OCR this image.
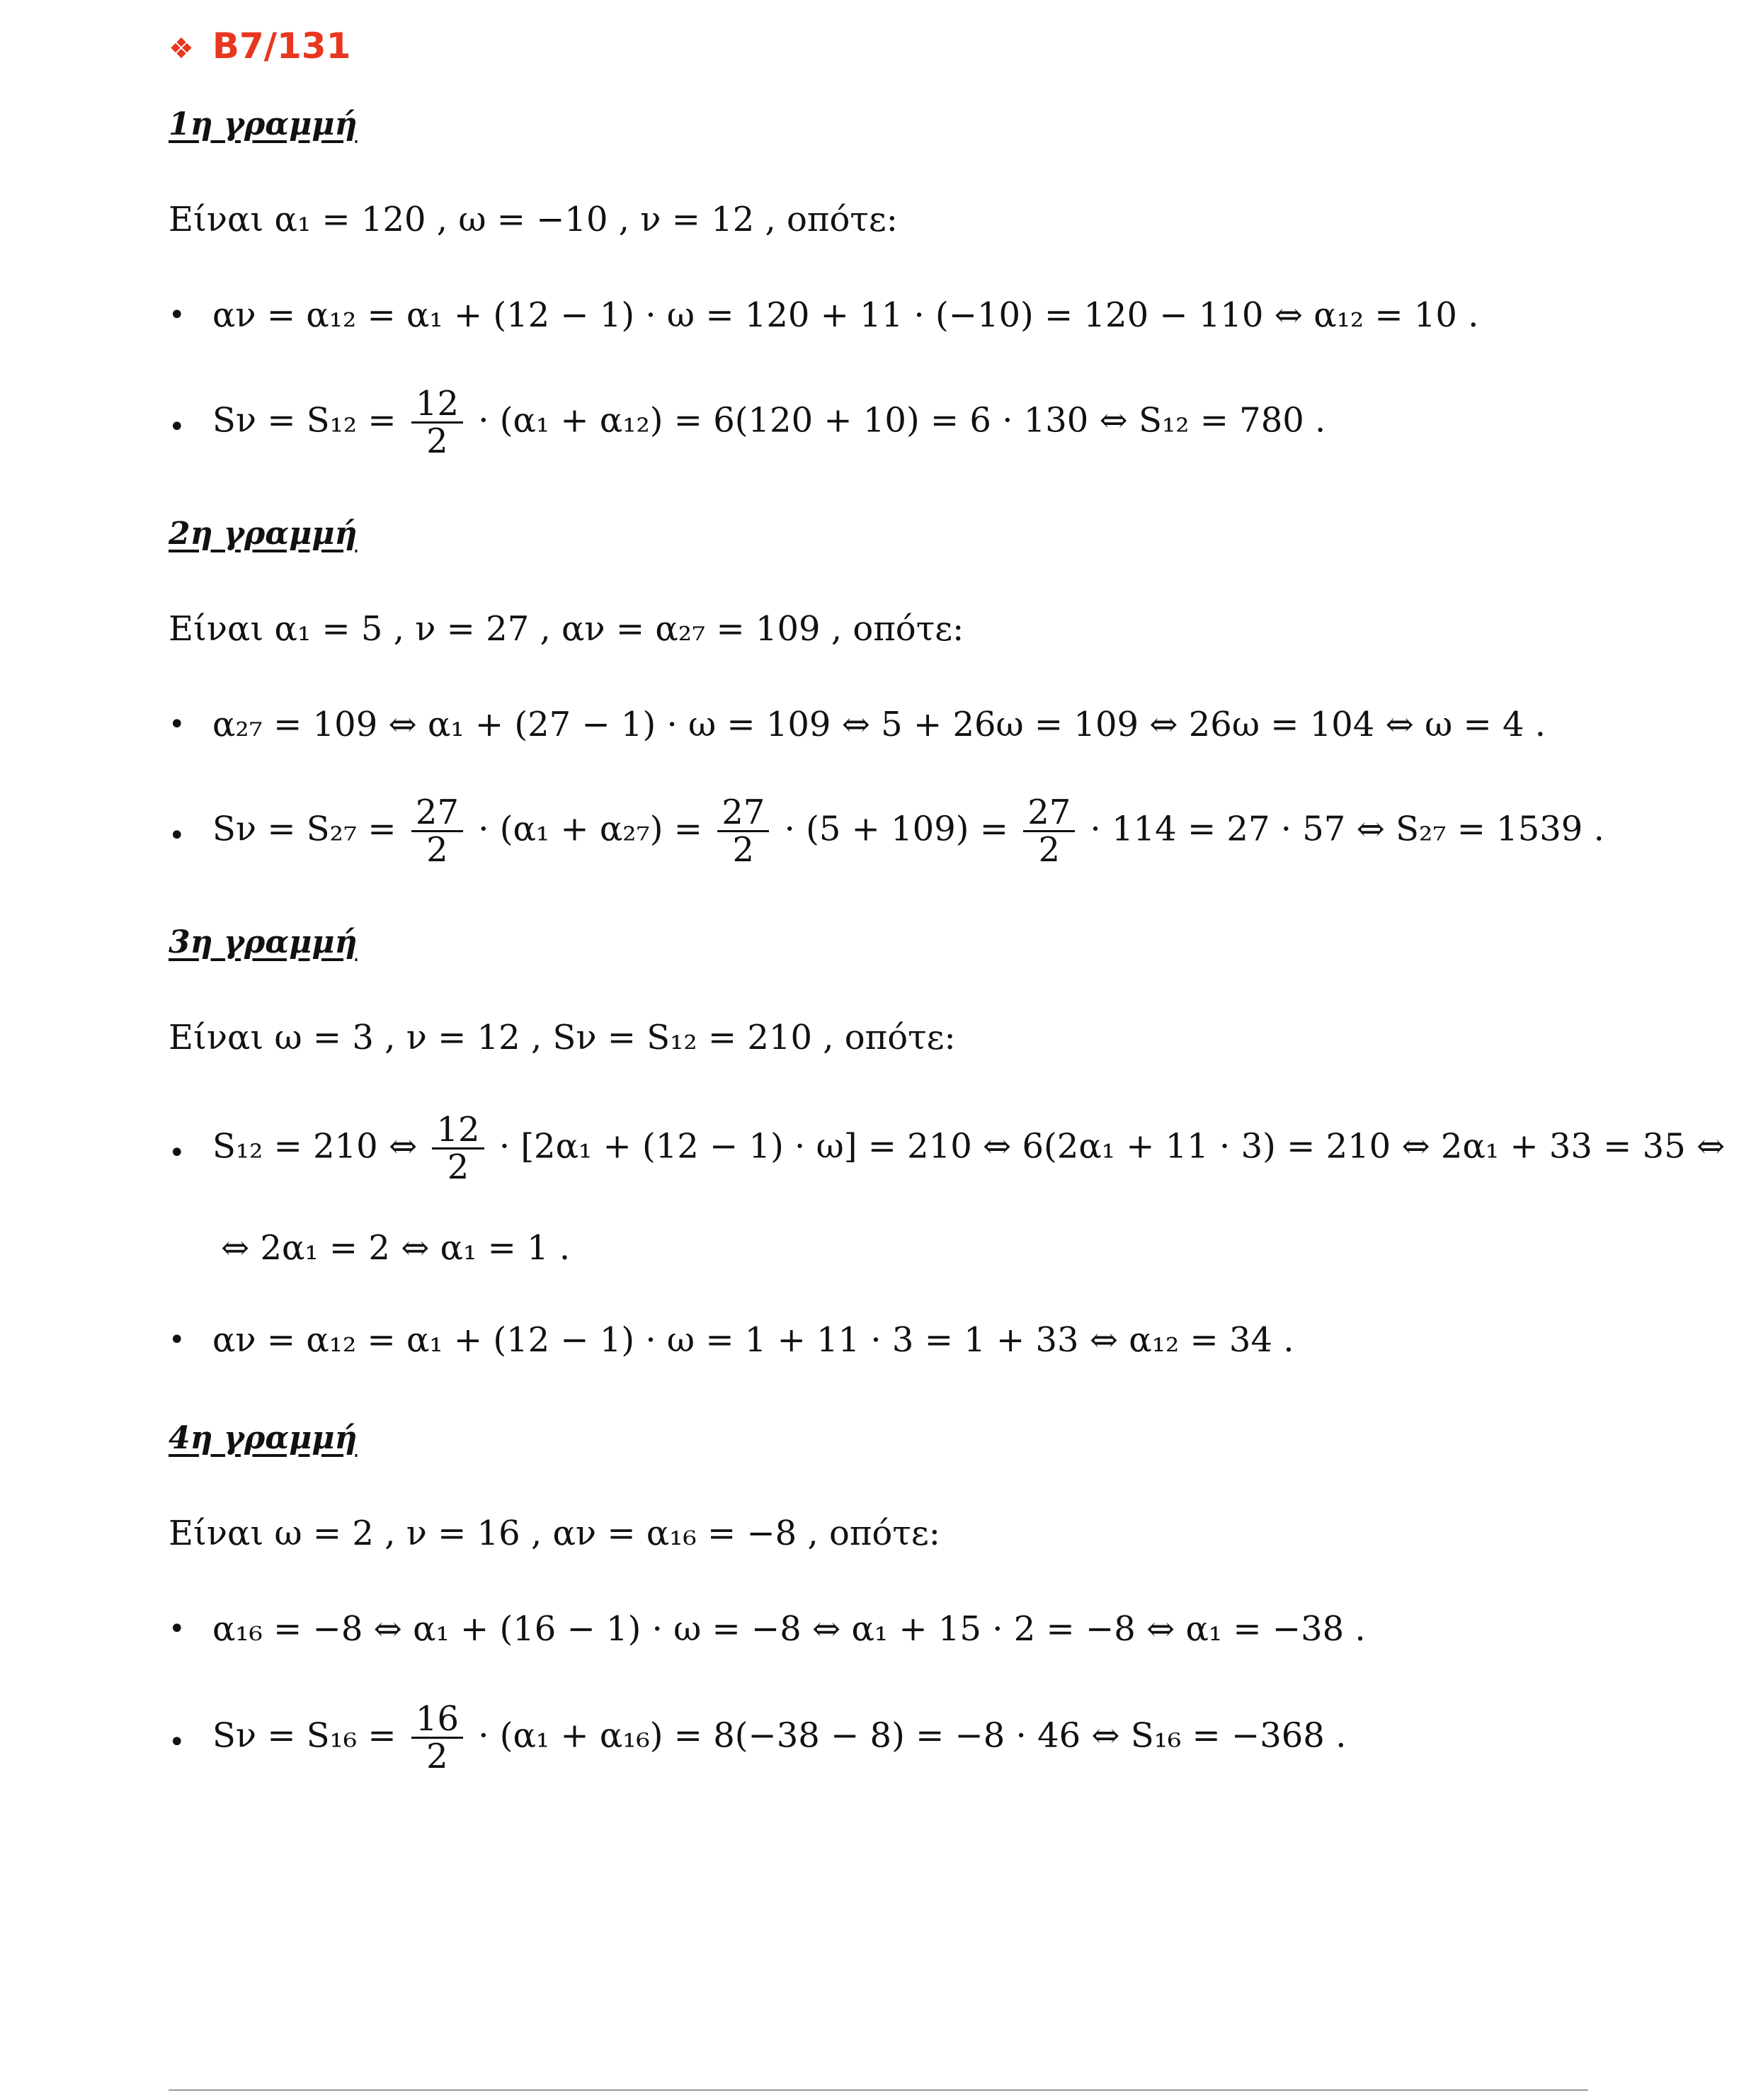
❖ B7/131
1η γραμμή
Είναι α₁ = 120 , ω = −10 , ν = 12 , οπότε:
• αν = α₁₂ = α₁ + (12 − 1) · ω = 120 + 11 · (−10) = 120 − 110 ⇔ α₁₂ = 10 .
• $S\nu = S_{12} = \frac{12}{2} \cdot (\alpha_1 + \alpha_{12}) = 6(120 + 10) = 6 \cdot 130$ ⇔ S₁₂ = 780 .
2η γραμμή
Είναι α₁ = 5 , ν = 27 , αν = α₂₇ = 109 , οπότε:
• α₂₇ = 109 ⇔ α₁ + (27 − 1) · ω = 109 ⇔ 5 + 26ω = 109 ⇔ 26ω = 104 ⇔ ω = 4 .
• $S\nu = S_{27} = \frac{27}{2} \cdot (\alpha_1 + \alpha_{27}) = \frac{27}{2} \cdot (5 + 109) = \frac{27}{2} \cdot 114 = 27 \cdot 57$ ⇔ S₂₇ = 1539 .
3η γραμμή
Είναι ω = 3 , ν = 12 , Sν = S₁₂ = 210 , οπότε:
• S₁₂ = 210 ⇔ $\frac{12}{2} \cdot [2\alpha_1 + (12 - 1) \cdot \omega] = 210$ ⇔ 6(2α₁ + 11 · 3) = 210 ⇔ 2α₁ + 33 = 35 ⇔
⇔ 2α₁ = 2 ⇔ α₁ = 1 .
• αν = α₁₂ = α₁ + (12 − 1) · ω = 1 + 11 · 3 = 1 + 33 ⇔ α₁₂ = 34 .
4η γραμμή
Είναι ω = 2 , ν = 16 , αν = α₁₆ = −8 , οπότε:
• α₁₆ = −8 ⇔ α₁ + (16 − 1) · ω = −8 ⇔ α₁ + 15 · 2 = −8 ⇔ α₁ = −38 .
• $S\nu = S_{16} = \frac{16}{2} \cdot (\alpha_1 + \alpha_{16}) = 8(-38 - 8) = -8 \cdot 46$ ⇔ S₁₆ = −368 .
